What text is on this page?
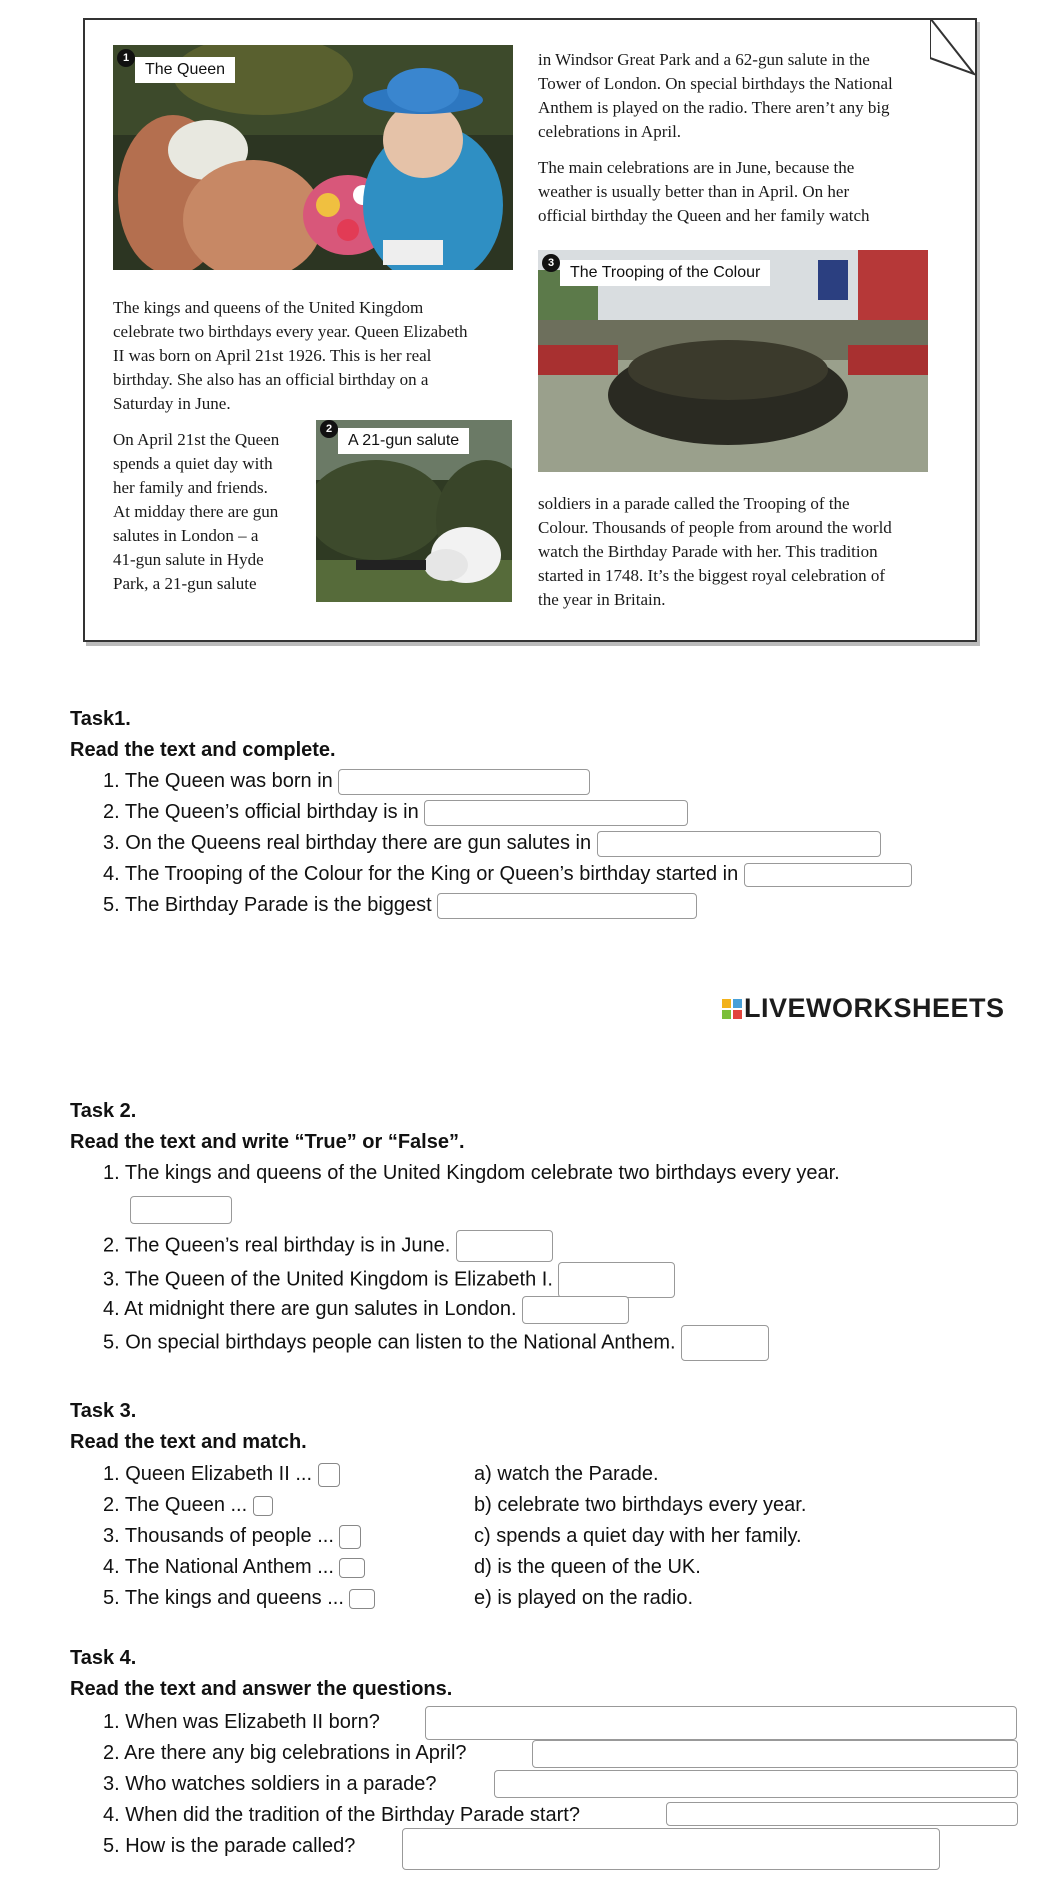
1
The Queen
in Windsor Great Park and a 62-gun salute in the
Tower of London. On special birthdays the National
Anthem is played on the radio. There aren’t any big
celebrations in April.
The main celebrations are in June, because the
weather is usually better than in April. On her
official birthday the Queen and her family watch
3
The Trooping of the Colour
The kings and queens of the United Kingdom
celebrate two birthdays every year. Queen Elizabeth
II was born on April 21st 1926. This is her real
birthday. She also has an official birthday on a
Saturday in June.
On April 21st the Queen
spends a quiet day with
her family and friends.
At midday there are gun
salutes in London – a
41-gun salute in Hyde
Park, a 21-gun salute
2
A 21-gun salute
soldiers in a parade called the Trooping of the
Colour. Thousands of people from around the world
watch the Birthday Parade with her. This tradition
started in 1748. It’s the biggest royal celebration of
the year in Britain.
Task1.
Read the text and complete.
1. The Queen was born in
2. The Queen’s official birthday is in
3. On the Queens real birthday there are gun salutes in
4. The Trooping of the Colour for the King or Queen’s birthday started in
5. The Birthday Parade is the biggest
LIVEWORKSHEETS
Task 2.
Read the text and write “True” or “False”.
1. The kings and queens of the United Kingdom celebrate two birthdays every year.
2. The Queen’s real birthday is in June.
3. The Queen of the United Kingdom is Elizabeth I.
4. At midnight there are gun salutes in London.
5. On special birthdays people can listen to the National Anthem.
Task 3.
Read the text and match.
1. Queen Elizabeth II ...
2. The Queen ...
3. Thousands of people ...
4. The National Anthem ...
5. The kings and queens ...
a) watch the Parade.
b) celebrate two birthdays every year.
c) spends a quiet day with her family.
d) is the queen of the UK.
e) is played on the radio.
Task 4.
Read the text and answer the questions.
1. When was Elizabeth II born?
2. Are there any big celebrations in April?
3. Who watches soldiers in a parade?
4. When did the tradition of the Birthday Parade start?
5. How is the parade called?
